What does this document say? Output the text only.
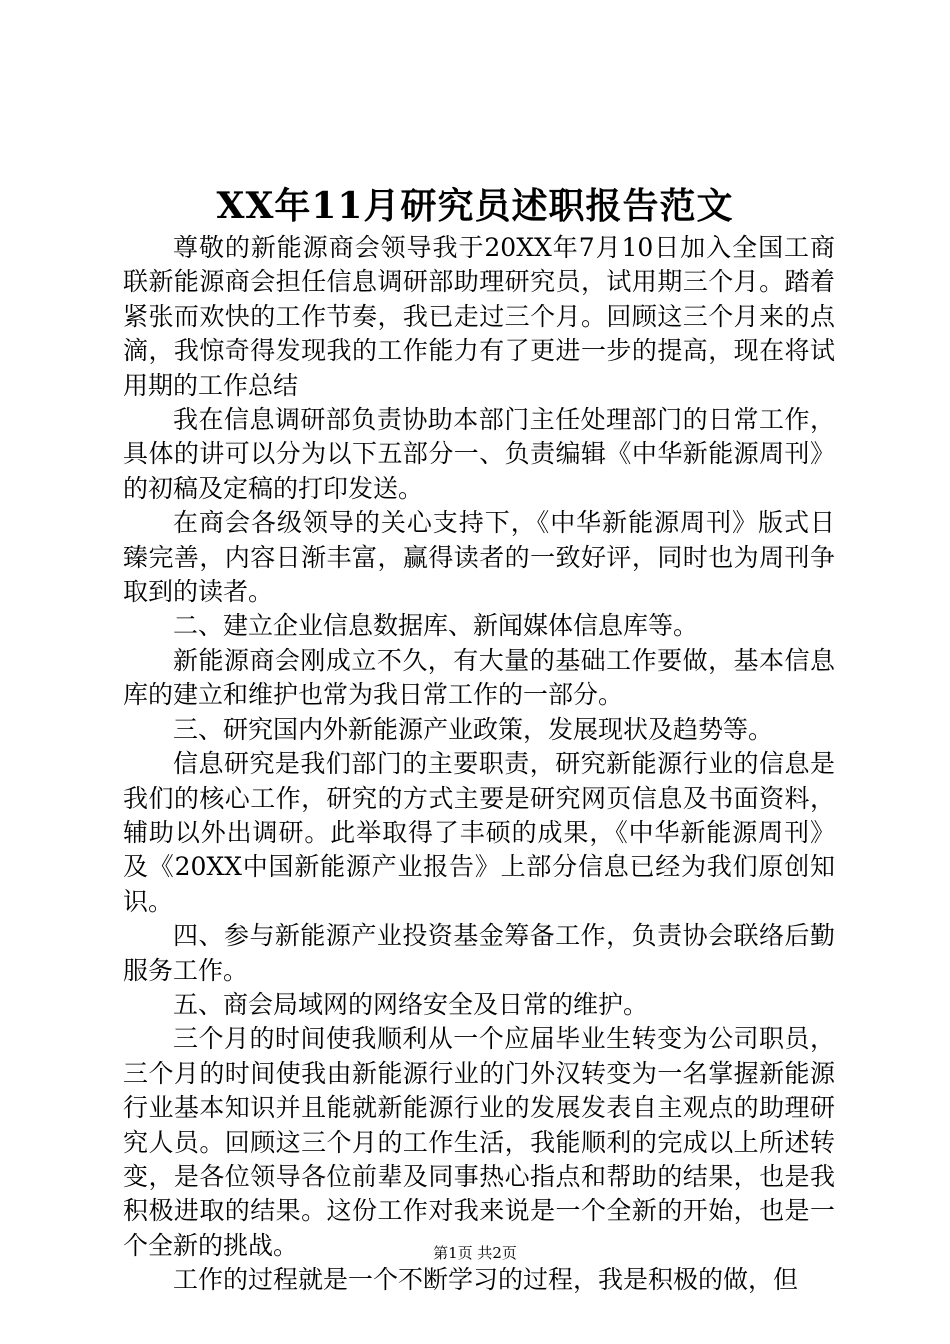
XX年11月研究员述职报告范文

尊敬的新能源商会领导我于20XX年7月10日加入全国工商联新能源商会担任信息调研部助理研究员，试用期三个月。踏着紧张而欢快的工作节奏，我已走过三个月。回顾这三个月来的点滴，我惊奇得发现我的工作能力有了更进一步的提高，现在将试用期的工作总结

我在信息调研部负责协助本部门主任处理部门的日常工作，具体的讲可以分为以下五部分一、负责编辑《中华新能源周刊》的初稿及定稿的打印发送。

在商会各级领导的关心支持下，《中华新能源周刊》版式日臻完善，内容日渐丰富，赢得读者的一致好评，同时也为周刊争取到的读者。

二、建立企业信息数据库、新闻媒体信息库等。

新能源商会刚成立不久，有大量的基础工作要做，基本信息库的建立和维护也常为我日常工作的一部分。

三、研究国内外新能源产业政策，发展现状及趋势等。

信息研究是我们部门的主要职责，研究新能源行业的信息是我们的核心工作，研究的方式主要是研究网页信息及书面资料，辅助以外出调研。此举取得了丰硕的成果，《中华新能源周刊》及《20XX中国新能源产业报告》上部分信息已经为我们原创知识。

四、参与新能源产业投资基金筹备工作，负责协会联络后勤服务工作。

五、商会局域网的网络安全及日常的维护。

三个月的时间使我顺利从一个应届毕业生转变为公司职员，三个月的时间使我由新能源行业的门外汉转变为一名掌握新能源行业基本知识并且能就新能源行业的发展发表自主观点的助理研究人员。回顾这三个月的工作生活，我能顺利的完成以上所述转变，是各位领导各位前辈及同事热心指点和帮助的结果，也是我积极进取的结果。这份工作对我来说是一个全新的开始，也是一个全新的挑战。

工作的过程就是一个不断学习的过程，我是积极的做，但

第1页 共2页
